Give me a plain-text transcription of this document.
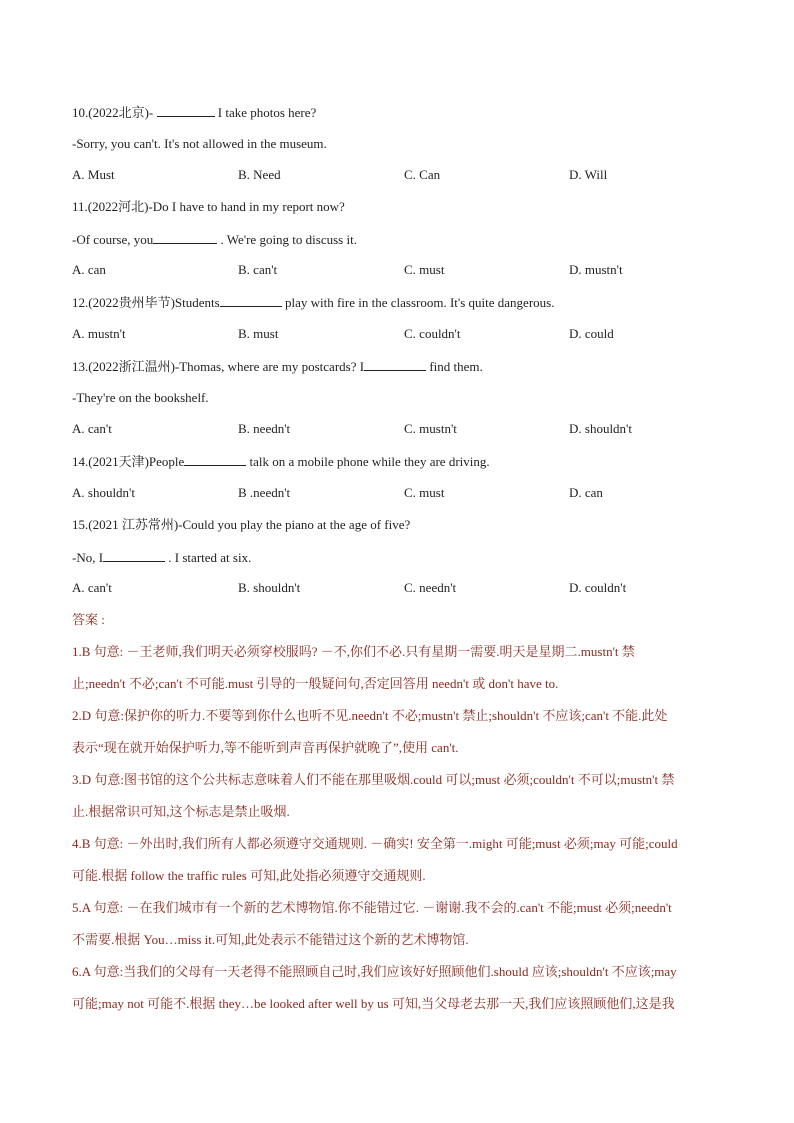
10.(2022北京)-	I take photos here?
-Sorry, you can't. It's not allowed in the museum.
A. Must	B. Need	C. Can	D. Will
11.(2022河北)-Do I have to hand in my report now?
-Of course, you	. We're going to discuss it.
A. can	B. can't	C. must	D. mustn't
12.(2022贵州毕节)Students	play with fire in the classroom. It's quite dangerous.
A. mustn't	B. must	C. couldn't	D. could
13.(2022浙江温州)-Thomas, where are my postcards? I	find them.
-They're on the bookshelf.
A. can't	B. needn't	C. mustn't	D. shouldn't
14.(2021天津)People	talk on a mobile phone while they are driving.
A. shouldn't	B .needn't	C. must	D. can
15.(2021 江苏常州)-Could you play the piano at the age of five?
-No, I	. I started at six.
A. can't	B. shouldn't	C. needn't	D. couldn't
答案 :
1.B 句意: －王老师,我们明天必须穿校服吗? －不,你们不必.只有星期一需要.明天是星期二.mustn't 禁
止;needn't 不必;can't 不可能.must 引导的一般疑问句,否定回答用 needn't 或 don't have to.
2.D 句意:保护你的听力.不要等到你什么也听不见.needn't 不必;mustn't 禁止;shouldn't 不应该;can't 不能.此处
表示“现在就开始保护听力,等不能听到声音再保护就晚了”,使用 can't.
3.D 句意:图书馆的这个公共标志意味着人们不能在那里吸烟.could 可以;must 必须;couldn't 不可以;mustn't 禁
止.根据常识可知,这个标志是禁止吸烟.
4.B 句意: －外出时,我们所有人都必须遵守交通规则. －确实! 安全第一.might 可能;must 必须;may 可能;could
可能.根据 follow the traffic rules 可知,此处指必须遵守交通规则.
5.A 句意: －在我们城市有一个新的艺术博物馆.你不能错过它. －谢谢.我不会的.can't 不能;must 必须;needn't
不需要.根据 You…miss it.可知,此处表示不能错过这个新的艺术博物馆.
6.A 句意:当我们的父母有一天老得不能照顾自己时,我们应该好好照顾他们.should 应该;shouldn't 不应该;may
可能;may not 可能不.根据 they…be looked after well by us 可知,当父母老去那一天,我们应该照顾他们,这是我
